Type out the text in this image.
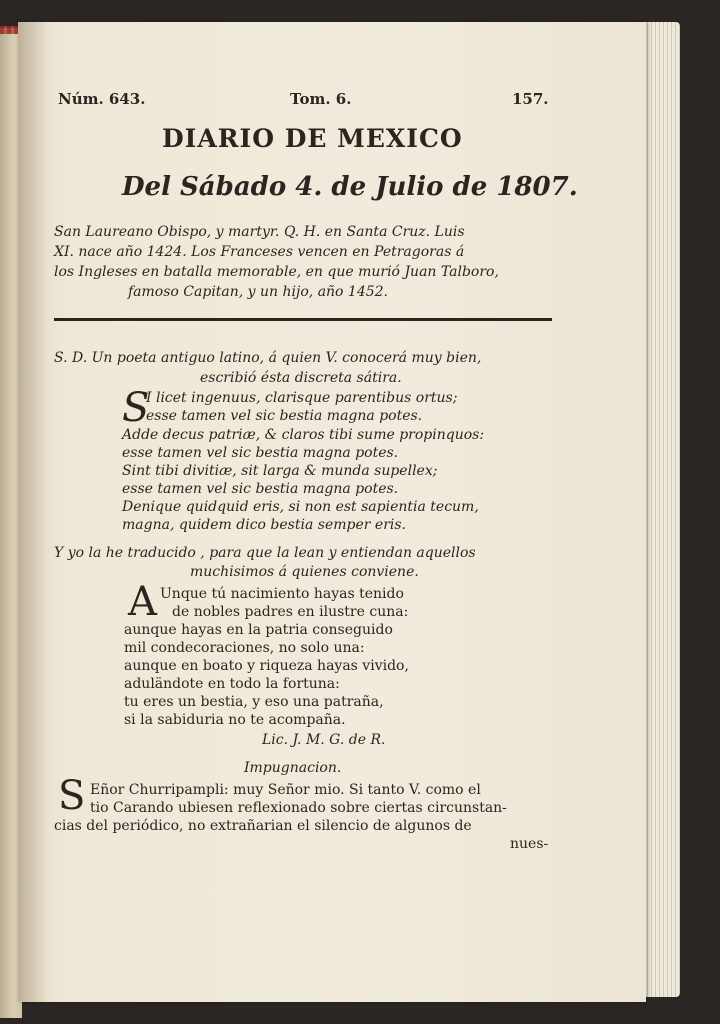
Núm. 643.	Tom. 6.	157.
DIARIO DE MEXICO
Del Sábado 4. de Julio de 1807.
San Laureano Obispo, y martyr. Q. H. en Santa Cruz. Luis
XI. nace año 1424. Los Franceses vencen en Petragoras á
los Ingleses en batalla memorable, en que murió Juan Talboro,
famoso Capitan, y un hijo, año 1452.
S. D. Un poeta antiguo latino, á quien V. conocerá muy bien,
escribió ésta discreta sátira.
S
I licet ingenuus, clarisque parentibus ortus;
esse tamen vel sic bestia magna potes.
Adde decus patriæ, & claros tibi sume propinquos:
esse tamen vel sic bestia magna potes.
Sint tibi divitiæ, sit larga & munda supellex;
esse tamen vel sic bestia magna potes.
Denique quidquid eris, si non est sapientia tecum,
magna, quidem dico bestia semper eris.
Y yo la he traducido , para que la lean y entiendan aquellos
muchisimos á quienes conviene.
A Unque tú nacimiento hayas tenido
de nobles padres en ilustre cuna:
aunque hayas en la patria conseguido
mil condecoraciones, no solo una:
aunque en boato y riqueza hayas vivido,
aduländote en todo la fortuna:
tu eres un bestia, y eso una patraña,
si la sabiduria no te acompaña.
Lic. J. M. G. de R.
Impugnacion.
S Eñor Churripampli: muy Señor mio. Si tanto V. como el
tio Carando ubiesen reflexionado sobre ciertas circunstan-
cias del periódico, no extrañarian el silencio de algunos de
nues-
